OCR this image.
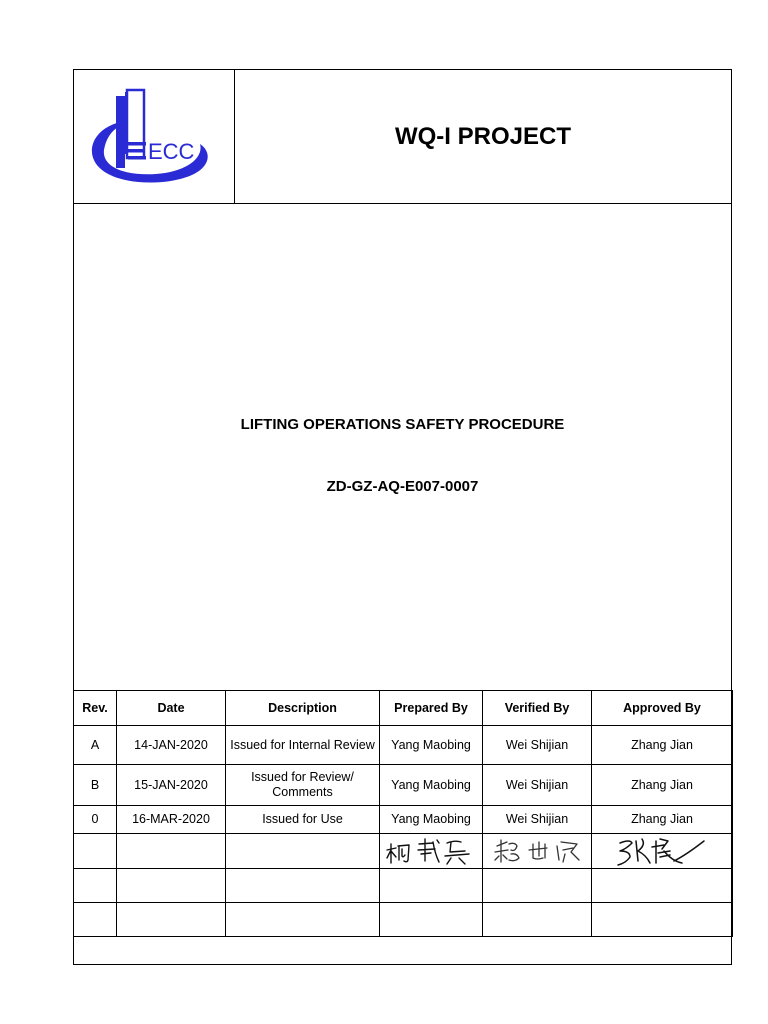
ECC
WQ-I PROJECT
LIFTING OPERATIONS SAFETY PROCEDURE
ZD-GZ-AQ-E007-0007
Rev.	Date	Description	Prepared By	Verified By	Approved By
A	14-JAN-2020	Issued for Internal Review	Yang Maobing	Wei Shijian	Zhang Jian
B	15-JAN-2020	Issued for Review/ Comments	Yang Maobing	Wei Shijian	Zhang Jian
0	16-MAR-2020	Issued for Use	Yang Maobing	Wei Shijian	Zhang Jian
